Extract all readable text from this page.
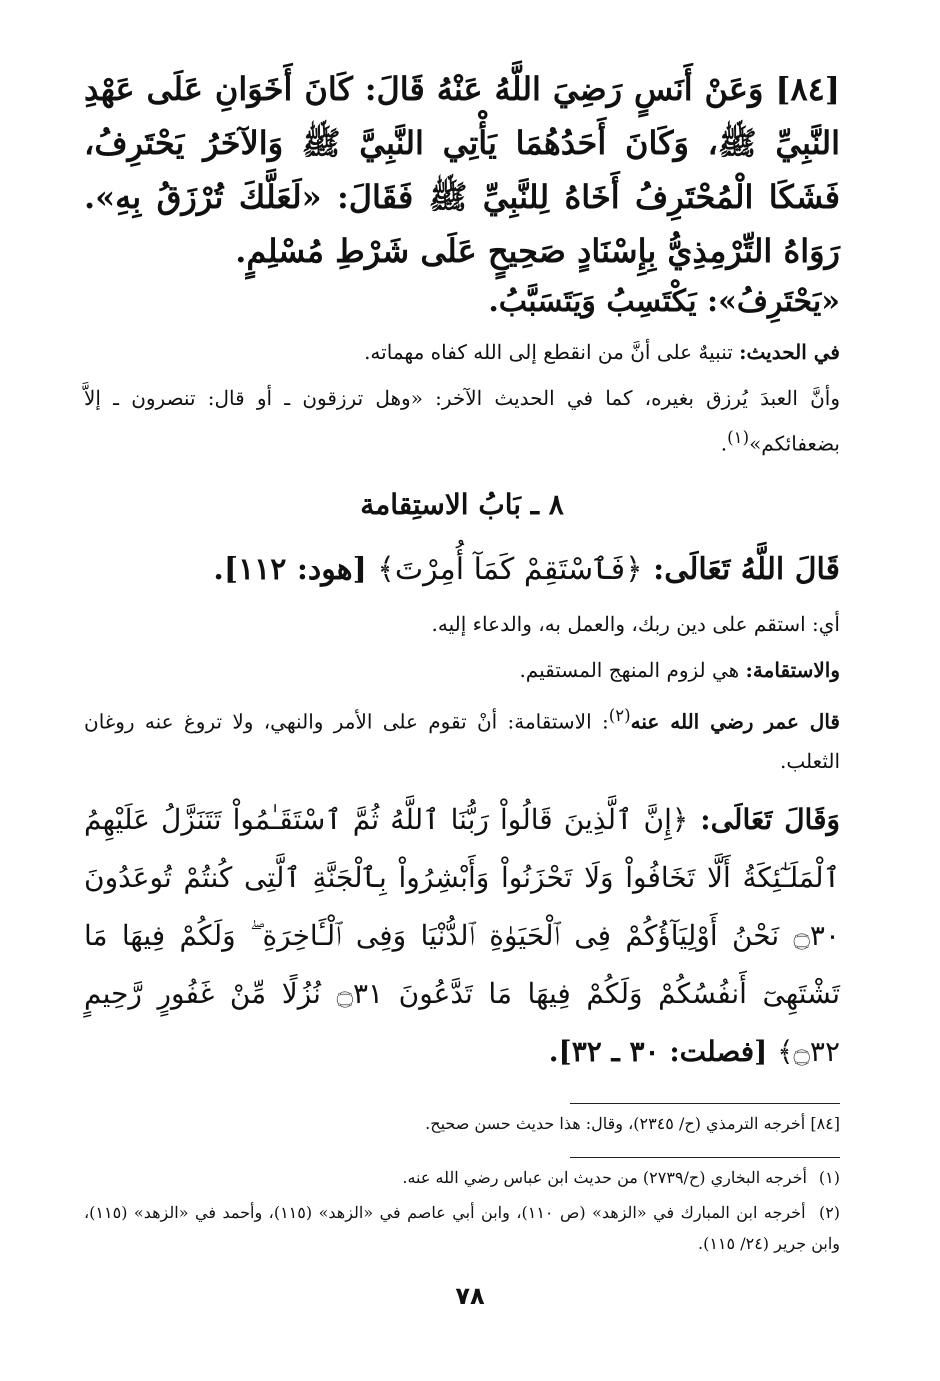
[٨٤] وَعَنْ أَنَسٍ رَضِيَ اللَّهُ عَنْهُ قَالَ: كَانَ أَخَوَانِ عَلَى عَهْدِ النَّبِيِّ ﷺ، وَكَانَ أَحَدُهُمَا يَأْتِي النَّبِيَّ ﷺ وَالآخَرُ يَحْتَرِفُ، فَشَكَا الْمُحْتَرِفُ أَخَاهُ لِلنَّبِيِّ ﷺ فَقَالَ: «لَعَلَّكَ تُرْزَقُ بِهِ». رَوَاهُ التِّرْمِذِيُّ بِإِسْنَادٍ صَحِيحٍ عَلَى شَرْطِ مُسْلِمٍ.

«يَحْتَرِفُ»: يَكْتَسِبُ وَيَتَسَبَّبُ.

في الحديث: تنبيهٌ على أنَّ من انقطع إلى الله كفاه مهماته.

وأنَّ العبدَ يُرزق بغيره، كما في الحديث الآخر: «وهل ترزقون ـ أو قال: تنصرون ـ إلاَّ بضعفائكم»$^{(١)}$.

٨ ـ بَابُ الاستِقامة

قَالَ اللَّهُ تَعَالَى: ﴿فَٱسْتَقِمْ كَمَآ أُمِرْتَ﴾ [هود: ١١٢].

أي: استقم على دين ربك، والعمل به، والدعاء إليه.

والاستقامة: هي لزوم المنهج المستقيم.

قال عمر رضي الله عنه$^{(٢)}$: الاستقامة: أنْ تقوم على الأمر والنهي، ولا تروغ عنه روغان الثعلب.

وَقَالَ تَعَالَى: ﴿إِنَّ ٱلَّذِينَ قَالُواْ رَبُّنَا ٱللَّهُ ثُمَّ ٱسْتَقَـٰمُواْ تَتَنَزَّلُ عَلَيْهِمُ ٱلْمَلَـٰٓئِكَةُ أَلَّا تَخَافُواْ وَلَا تَحْزَنُواْ وَأَبْشِرُواْ بِٱلْجَنَّةِ ٱلَّتِى كُنتُمْ تُوعَدُونَ ۝٣٠ نَحْنُ أَوْلِيَآؤُكُمْ فِى ٱلْحَيَوٰةِ ٱلدُّنْيَا وَفِى ٱلْـَٔاخِرَةِ ۖ وَلَكُمْ فِيهَا مَا تَشْتَهِىٓ أَنفُسُكُمْ وَلَكُمْ فِيهَا مَا تَدَّعُونَ ۝٣١ نُزُلًا مِّنْ غَفُورٍ رَّحِيمٍ ۝٣٢﴾ [فصلت: ٣٠ ـ ٣٢].

[٨٤] أخرجه الترمذي (ح/ ٢٣٤٥)، وقال: هذا حديث حسن صحيح.

(١) أخرجه البخاري (ح/٢٧٣٩) من حديث ابن عباس رضي الله عنه.

(٢) أخرجه ابن المبارك في «الزهد» (ص ١١٠)، وابن أبي عاصم في «الزهد» (١١٥)، وأحمد في «الزهد» (١١٥)، وابن جرير (٢٤/ ١١٥).

٧٨
